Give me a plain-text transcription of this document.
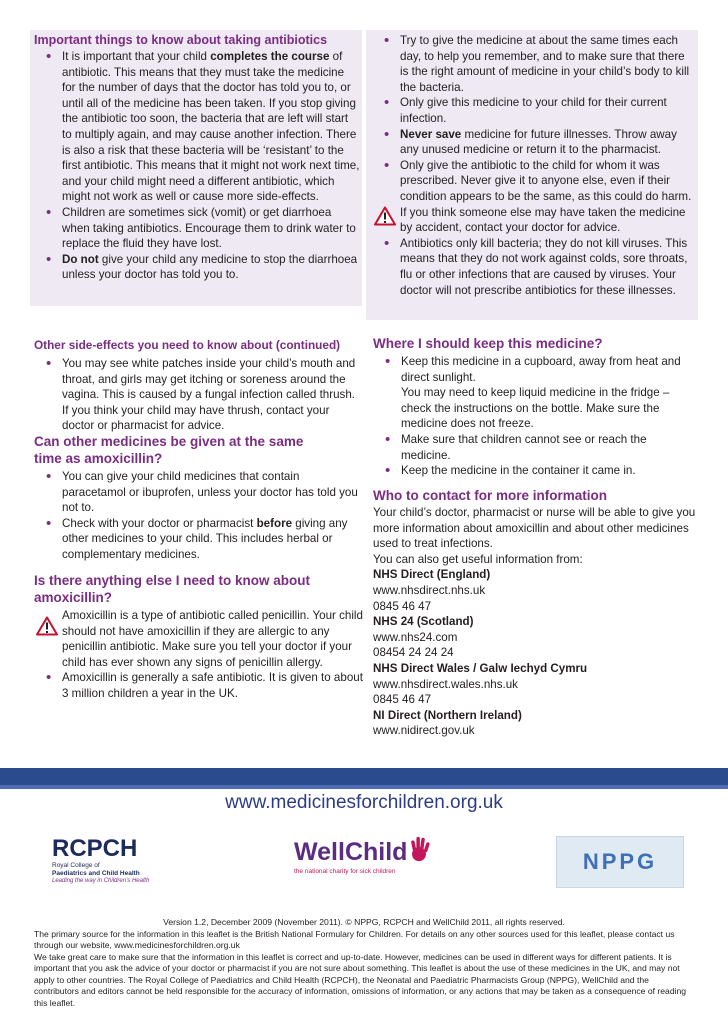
Important things to know about taking antibiotics
• It is important that your child completes the course of antibiotic. This means that they must take the medicine for the number of days that the doctor has told you to, or until all of the medicine has been taken. If you stop giving the antibiotic too soon, the bacteria that are left will start to multiply again, and may cause another infection. There is also a risk that these bacteria will be ‘resistant’ to the first antibiotic. This means that it might not work next time, and your child might need a different antibiotic, which might not work as well or cause more side-effects.
• Children are sometimes sick (vomit) or get diarrhoea when taking antibiotics. Encourage them to drink water to replace the fluid they have lost.
• Do not give your child any medicine to stop the diarrhoea unless your doctor has told you to.
• Try to give the medicine at about the same times each day, to help you remember, and to make sure that there is the right amount of medicine in your child’s body to kill the bacteria.
• Only give this medicine to your child for their current infection.
• Never save medicine for future illnesses. Throw away any unused medicine or return it to the pharmacist.
• Only give the antibiotic to the child for whom it was prescribed. Never give it to anyone else, even if their condition appears to be the same, as this could do harm.
If you think someone else may have taken the medicine by accident, contact your doctor for advice.
• Antibiotics only kill bacteria; they do not kill viruses. This means that they do not work against colds, sore throats, flu or other infections that are caused by viruses. Your doctor will not prescribe antibiotics for these illnesses.
Other side-effects you need to know about (continued)
• You may see white patches inside your child’s mouth and throat, and girls may get itching or soreness around the vagina. This is caused by a fungal infection called thrush. If you think your child may have thrush, contact your doctor or pharmacist for advice.
Can other medicines be given at the same time as amoxicillin?
• You can give your child medicines that contain paracetamol or ibuprofen, unless your doctor has told you not to.
• Check with your doctor or pharmacist before giving any other medicines to your child. This includes herbal or complementary medicines.
Is there anything else I need to know about amoxicillin?
Amoxicillin is a type of antibiotic called penicillin. Your child should not have amoxicillin if they are allergic to any penicillin antibiotic. Make sure you tell your doctor if your child has ever shown any signs of penicillin allergy.
• Amoxicillin is generally a safe antibiotic. It is given to about 3 million children a year in the UK.
Where I should keep this medicine?
• Keep this medicine in a cupboard, away from heat and direct sunlight.
You may need to keep liquid medicine in the fridge – check the instructions on the bottle. Make sure the medicine does not freeze.
• Make sure that children cannot see or reach the medicine.
• Keep the medicine in the container it came in.
Who to contact for more information

Your child’s doctor, pharmacist or nurse will be able to give you more information about amoxicillin and about other medicines used to treat infections.

You can also get useful information from:

NHS Direct (England)

www.nhsdirect.nhs.uk

0845 46 47

NHS 24 (Scotland)

www.nhs24.com

08454 24 24 24

NHS Direct Wales / Galw Iechyd Cymru

www.nhsdirect.wales.nhs.uk

0845 46 47

NI Direct (Northern Ireland)

www.nidirect.gov.uk

www.medicinesforchildren.org.uk
RCPCH
Royal College of
Paediatrics and Child Health
Leading the way in Children’s Health
WellChild
the national charity for sick children	NPPG
Version 1.2, December 2009 (November 2011). © NPPG, RCPCH and WellChild 2011, all rights reserved.
The primary source for the information in this leaflet is the British National Formulary for Children. For details on any other sources used for this leaflet, please contact us through our website, www.medicinesforchildren.org.uk
We take great care to make sure that the information in this leaflet is correct and up-to-date. However, medicines can be used in different ways for different patients. It is important that you ask the advice of your doctor or pharmacist if you are not sure about something. This leaflet is about the use of these medicines in the UK, and may not apply to other countries. The Royal College of Paediatrics and Child Health (RCPCH), the Neonatal and Paediatric Pharmacists Group (NPPG), WellChild and the contributors and editors cannot be held responsible for the accuracy of information, omissions of information, or any actions that may be taken as a consequence of reading this leaflet.
